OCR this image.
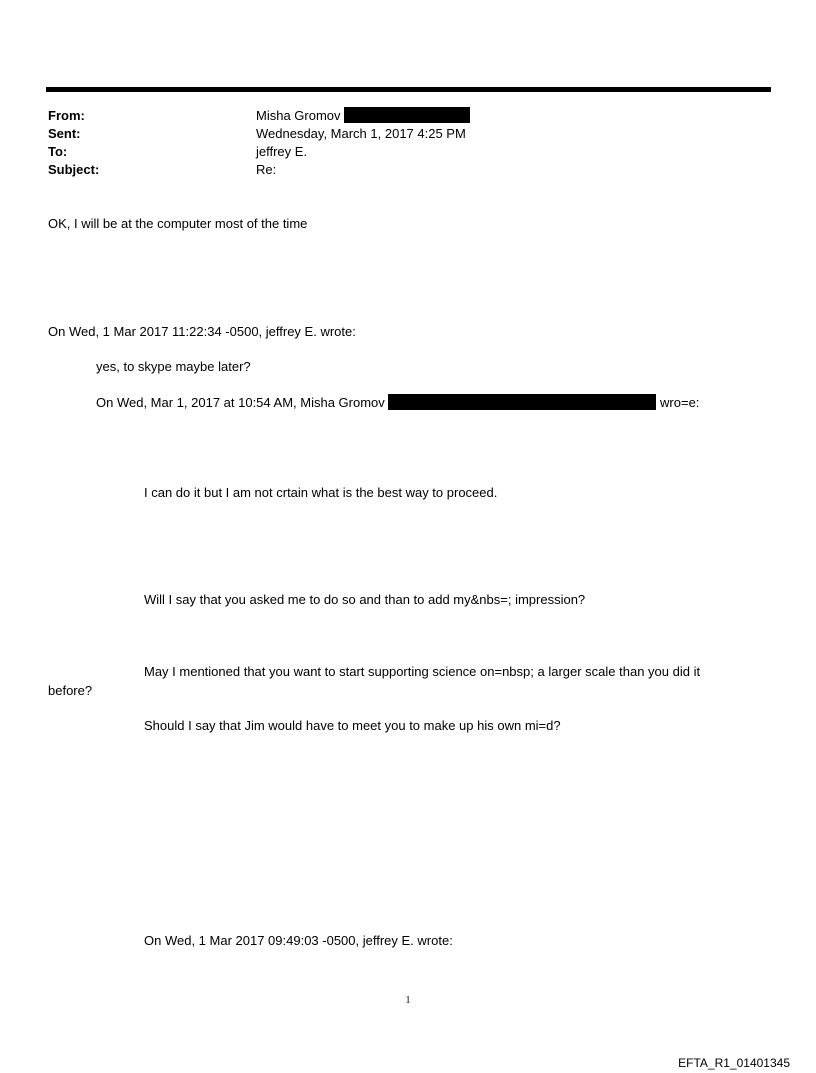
From:	Misha Gromov
Sent:	Wednesday, March 1, 2017 4:25 PM
To:	jeffrey E.
Subject:	Re:
OK, I will be at the computer most of the time
On Wed, 1 Mar 2017 11:22:34 -0500, jeffrey E. wrote:
yes, to skype maybe later?
On Wed, Mar 1, 2017 at 10:54 AM, Misha Gromov	wro=e:
I can do it but I am not crtain what is the best way to proceed.
Will I say that you asked me to do so and than to add my&nbs=; impression?
May I mentioned that you want to start supporting science on=nbsp; a larger scale than you did it
before?
Should I say that Jim would have to meet you to make up his own mi=d?
On Wed, 1 Mar 2017 09:49:03 -0500, jeffrey E. wrote:
1
EFTA_R1_01401345
